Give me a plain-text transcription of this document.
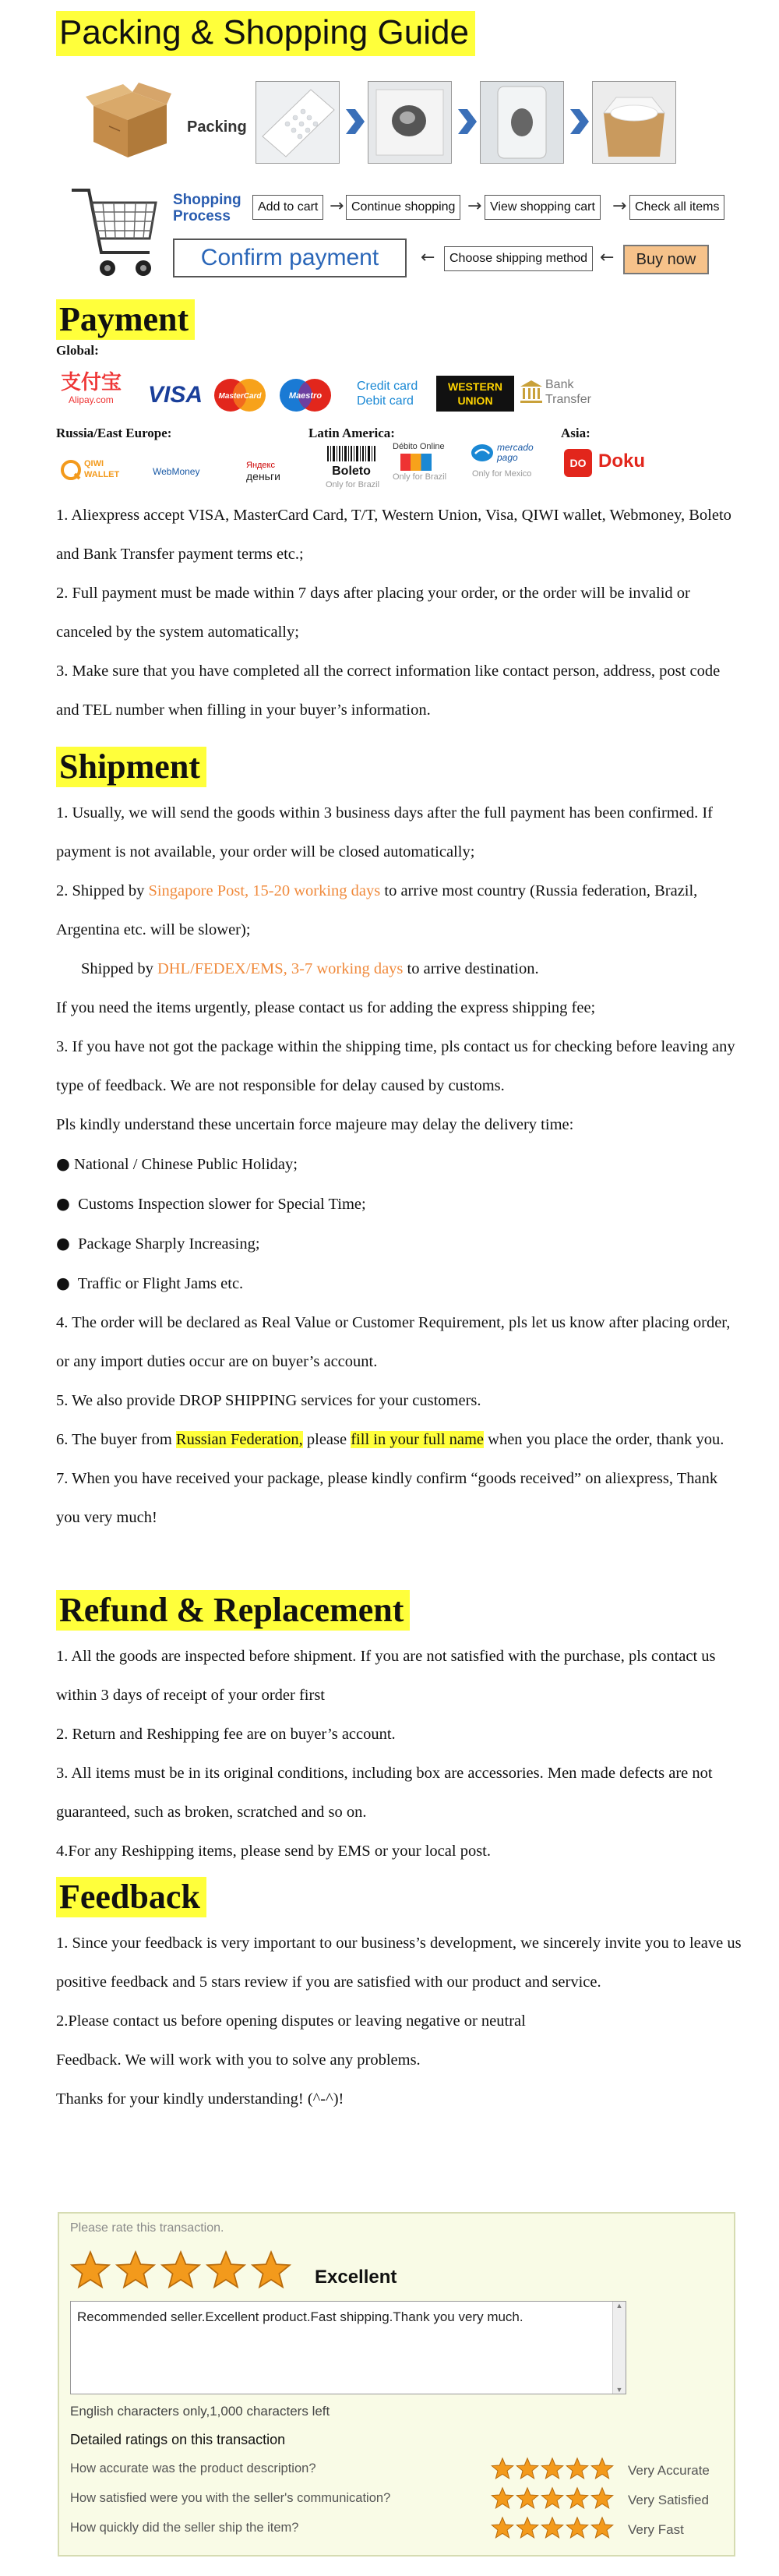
Packing & Shopping Guide
Packing
Shopping
Process
Add to cart → Continue shopping → View shopping cart	→ Check all items
Confirm payment	←	Choose shipping method ←	Buy now
Payment
Global:
支付宝
Alipay.com	VISA MasterCard	Maestro
Credit card
Debit card
WESTERN
UNION
Bank
Transfer
Russia/East Europe:	Latin America:	Asia:
QIWI
WALLET	WebMoney
Яндекс
деньги	Boleto
Only for Brazil
Débito Online
Only for Brazil
mercado
pago
Only for Mexico
DO Doku

1. Aliexpress accept VISA, MasterCard Card, T/T, Western Union, Visa, QIWI wallet, Webmoney, Boleto and Bank Transfer payment terms etc.;

2. Full payment must be made within 7 days after placing your order, or the order will be invalid or canceled by the system automatically;

3. Make sure that you have completed all the correct information like contact person, address, post code and TEL number when filling in your buyer’s information.

Shipment

1. Usually, we will send the goods within 3 business days after the full payment has been confirmed. If payment is not available, your order will be closed automatically;

2. Shipped by Singapore Post, 15-20 working days to arrive most country (Russia federation, Brazil, Argentina etc. will be slower);

Shipped by DHL/FEDEX/EMS, 3-7 working days to arrive destination.

If you need the items urgently, please contact us for adding the express shipping fee;

3. If you have not got the package within the shipping time, pls contact us for checking before leaving any type of feedback. We are not responsible for delay caused by customs.

Pls kindly understand these uncertain force majeure may delay the delivery time:

● National / Chinese Public Holiday;

● Customs Inspection slower for Special Time;

● Package Sharply Increasing;

● Traffic or Flight Jams etc.

4. The order will be declared as Real Value or Customer Requirement, pls let us know after placing order, or any import duties occur are on buyer’s account.

5. We also provide DROP SHIPPING services for your customers.

6. The buyer from Russian Federation, please fill in your full name when you place the order, thank you.

7. When you have received your package, please kindly confirm “goods received” on aliexpress, Thank you very much!

Refund & Replacement

1. All the goods are inspected before shipment. If you are not satisfied with the purchase, pls contact us within 3 days of receipt of your order first

2. Return and Reshipping fee are on buyer’s account.

3. All items must be in its original conditions, including box are accessories. Men made defects are not guaranteed, such as broken, scratched and so on.

4.For any Reshipping items, please send by EMS or your local post.

Feedback

1. Since your feedback is very important to our business’s development, we sincerely invite you to leave us positive feedback and 5 stars review if you are satisfied with our product and service.

2.Please contact us before opening disputes or leaving negative or neutral

Feedback. We will work with you to solve any problems.

Thanks for your kindly understanding! (^-^)!

Please rate this transaction.
Excellent
Recommended seller.Excellent product.Fast shipping.Thank you very much.
▲
▼
English characters only,1,000 characters left
Detailed ratings on this transaction
How accurate was the product description?	Very Accurate
How satisfied were you with the seller's communication?	Very Satisfied
How quickly did the seller ship the item?	Very Fast
